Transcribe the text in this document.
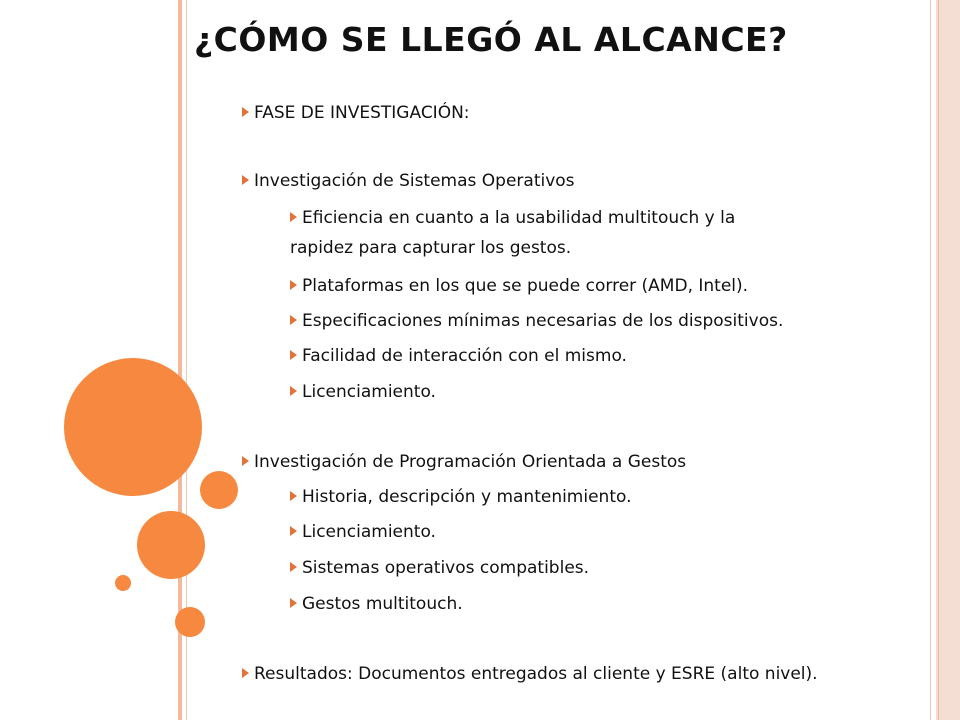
¿CÓMO SE LLEGÓ AL ALCANCE?
FASE DE INVESTIGACIÓN:
Investigación de Sistemas Operativos
Eficiencia en cuanto a la usabilidad multitouch y la
rapidez para capturar los gestos.
Plataformas en los que se puede correr (AMD, Intel).
Especificaciones mínimas necesarias de los dispositivos.
Facilidad de interacción con el mismo.
Licenciamiento.
Investigación de Programación Orientada a Gestos
Historia, descripción y mantenimiento.
Licenciamiento.
Sistemas operativos compatibles.
Gestos multitouch.
Resultados: Documentos entregados al cliente y ESRE (alto nivel).
